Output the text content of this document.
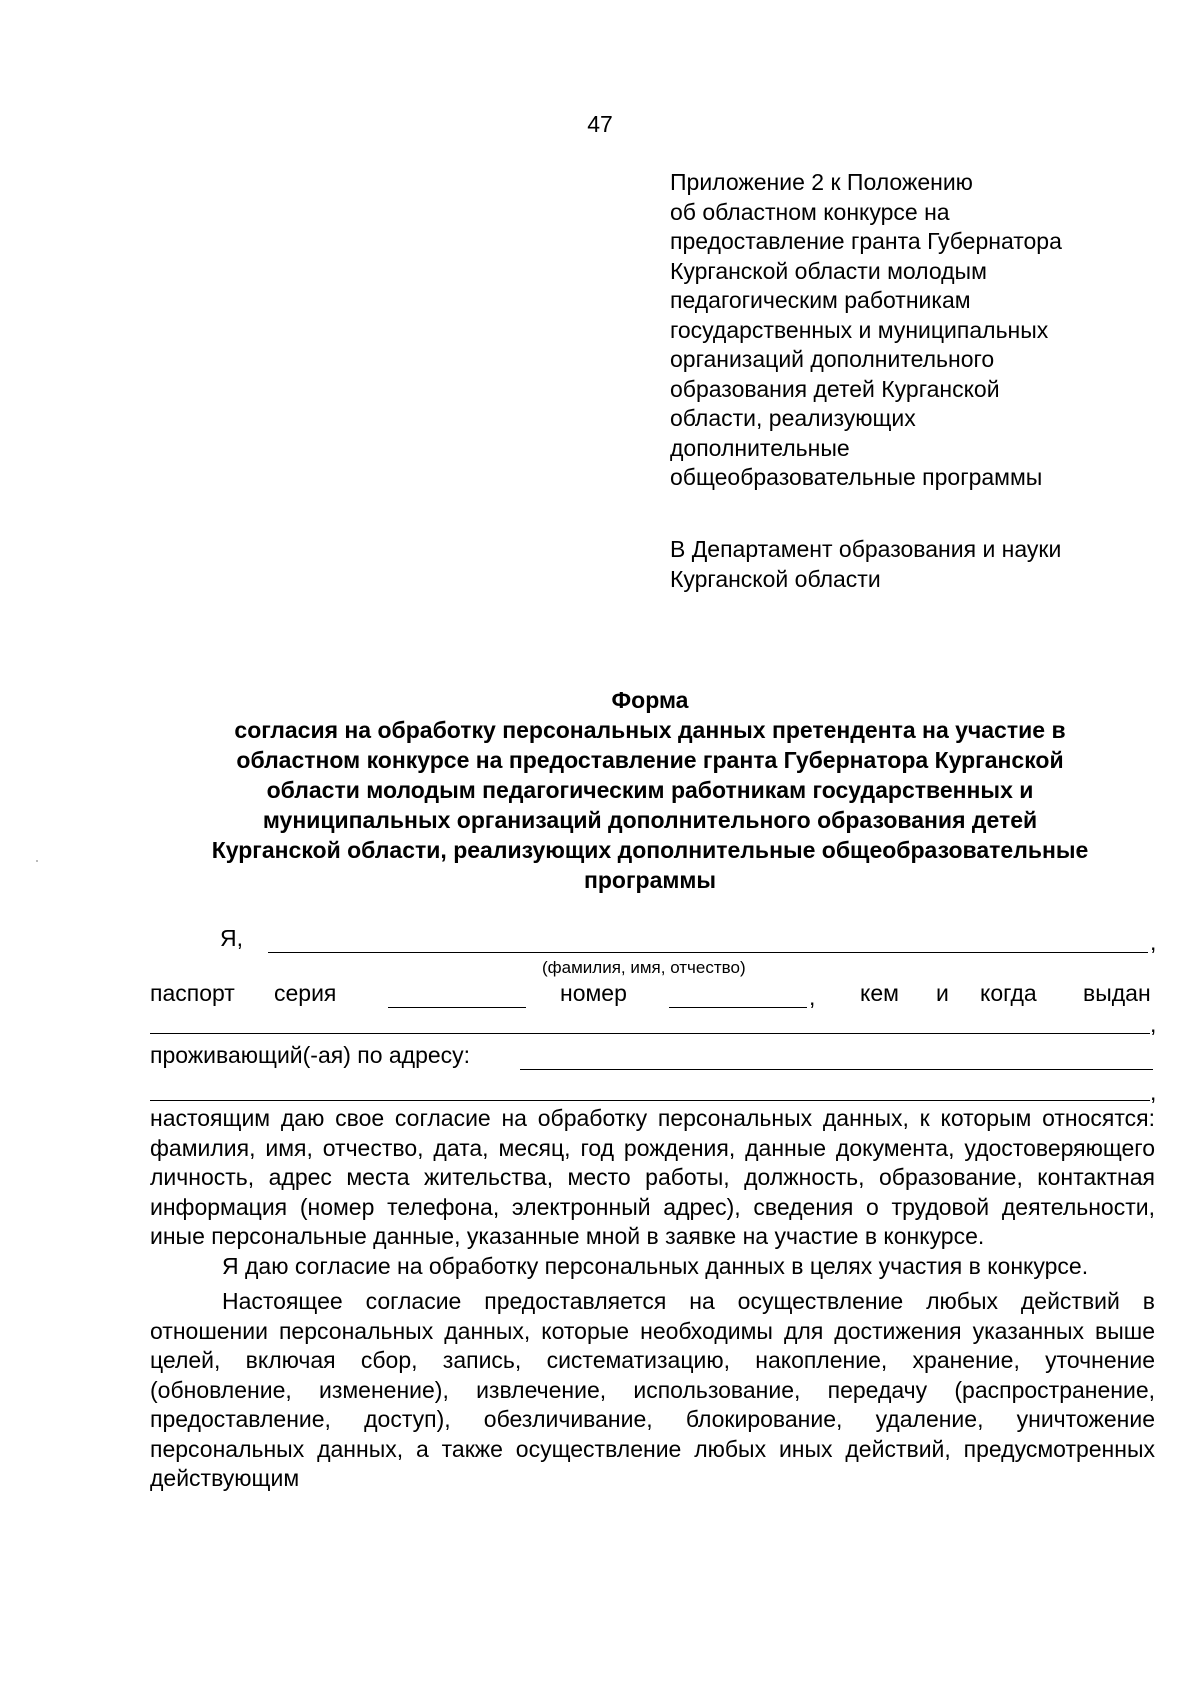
47
Приложение 2 к Положению
об областном конкурсе на
предоставление гранта Губернатора
Курганской области молодым
педагогическим работникам
государственных и муниципальных
организаций дополнительного
образования детей Курганской
области, реализующих
дополнительные
общеобразовательные программы
В Департамент образования и науки
Курганской области
Форма
согласия на обработку персональных данных претендента на участие в
областном конкурсе на предоставление гранта Губернатора Курганской
области молодым педагогическим работникам государственных и
муниципальных организаций дополнительного образования детей
Курганской области, реализующих дополнительные общеобразовательные
программы
Я,	,
(фамилия, имя, отчество)
паспорт серия	номер	, кем и когда выдан
,
проживающий(-ая) по адресу:
,

настоящим даю свое согласие на обработку персональных данных, к которым относятся: фамилия, имя, отчество, дата, месяц, год рождения, данные документа, удостоверяющего личность, адрес места жительства, место работы, должность, образование, контактная информация (номер телефона, электронный адрес), сведения о трудовой деятельности, иные персональные данные, указанные мной в заявке на участие в конкурсе.

Я даю согласие на обработку персональных данных в целях участия в конкурсе.

Настоящее согласие предоставляется на осуществление любых действий в отношении персональных данных, которые необходимы для достижения указанных выше целей, включая сбор, запись, систематизацию, накопление, хранение, уточнение (обновление, изменение), извлечение, использование, передачу (распространение, предоставление, доступ), обезличивание, блокирование, удаление, уничтожение персональных данных, а также осуществление любых иных действий, предусмотренных действующим
